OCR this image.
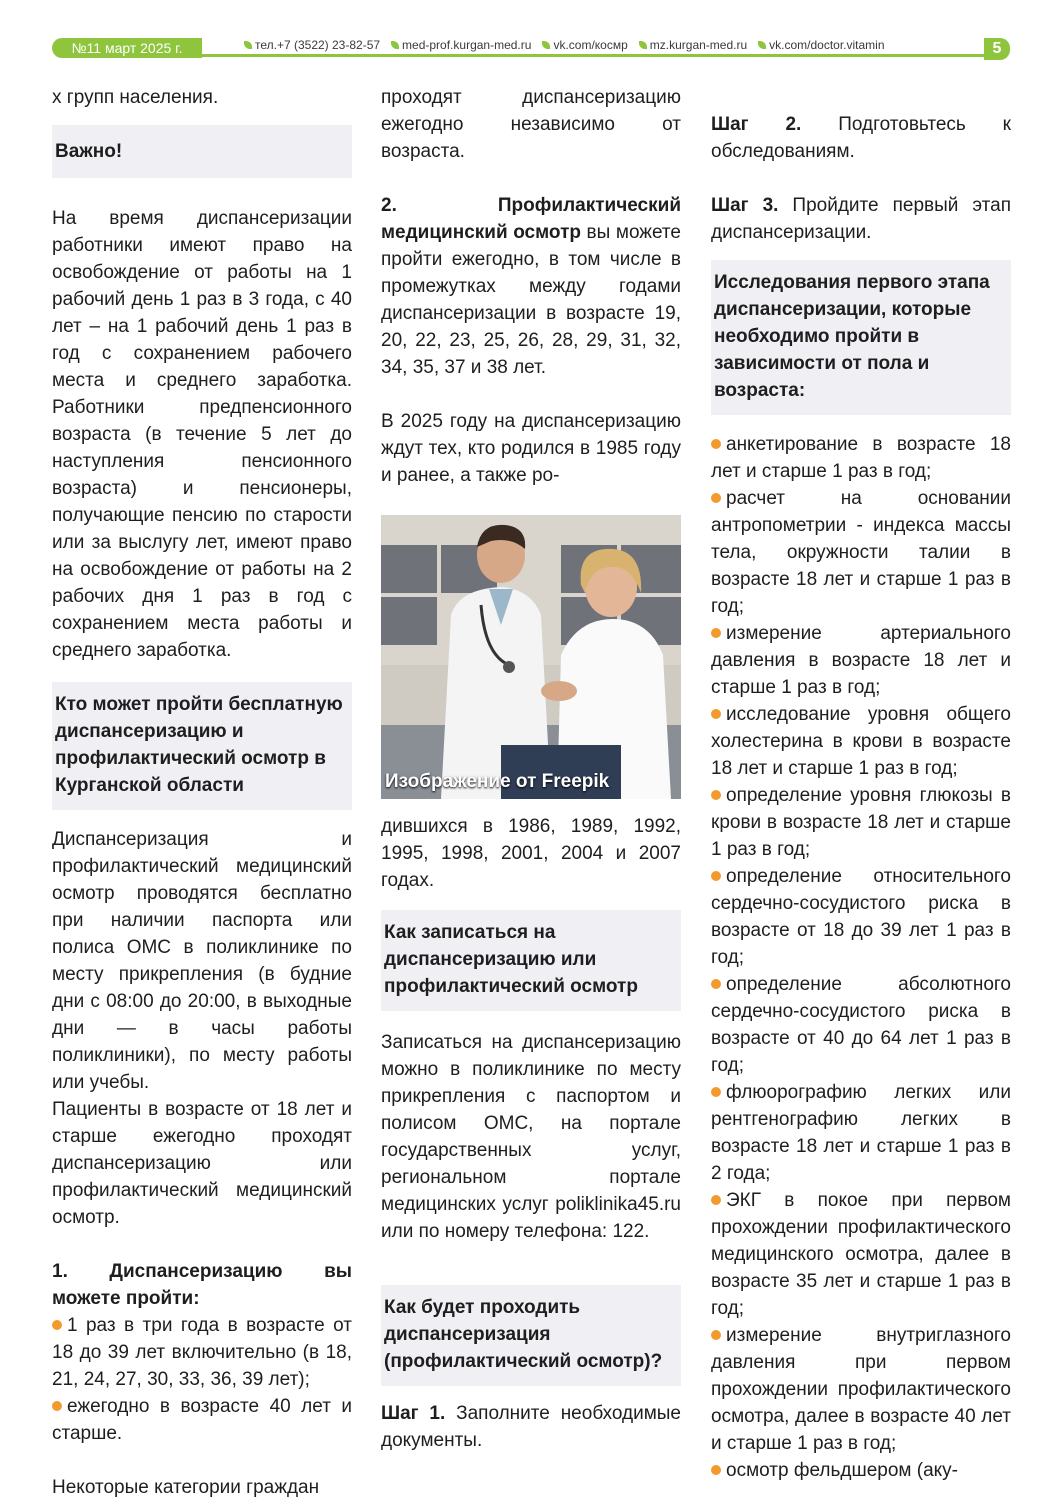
№11 март 2025 г.	тел.+7 (3522) 23-82-57	med-prof.kurgan-med.ru	vk.com/космр	mz.kurgan-med.ru	vk.com/doctor.vitamin	5

х групп населения.

Важно!

На время диспансеризации работники имеют право на освобождение от работы на 1 рабочий день 1 раз в 3 года, с 40 лет – на 1 рабочий день 1 раз в год с сохранением рабочего места и среднего заработка. Работники предпенсионного возраста (в течение 5 лет до наступления пенсионного возраста) и пенсионеры, получающие пенсию по старости или за выслугу лет, имеют право на освобождение от работы на 2 рабочих дня 1 раз в год с сохранением места работы и среднего заработка.

Кто может пройти бесплатную диспансеризацию и профилактический осмотр в Курганской области

Диспансеризация и профилактический медицинский осмотр проводятся бесплатно при наличии паспорта или полиса ОМС в поликлинике по месту прикрепления (в будние дни с 08:00 до 20:00, в выходные дни — в часы работы поликлиники), по месту работы или учебы.

Пациенты в возрасте от 18 лет и старше ежегодно проходят диспансеризацию или профилактический медицинский осмотр.

1. Диспансеризацию вы можете пройти:

1 раз в три года в возрасте от 18 до 39 лет включительно (в 18, 21, 24, 27, 30, 33, 36, 39 лет);

ежегодно в возрасте 40 лет и старше.

Некоторые категории граждан

проходят диспансеризацию ежегодно независимо от возраста.

2. Профилактический медицинский осмотр вы можете пройти ежегодно, в том числе в промежутках между годами диспансеризации в возрасте 19, 20, 22, 23, 25, 26, 28, 29, 31, 32, 34, 35, 37 и 38 лет.

В 2025 году на диспансеризацию ждут тех, кто родился в 1985 году и ранее, а также ро-

Изображение от Freepik

дившихся в 1986, 1989, 1992, 1995, 1998, 2001, 2004 и 2007 годах.

Как записаться на диспансеризацию или профилактический осмотр

Записаться на диспансеризацию можно в поликлинике по месту прикрепления с паспортом и полисом ОМС, на портале государственных услуг, региональном портале медицинских услуг poliklinika45.ru или по номеру телефона: 122.

Как будет проходить диспансеризация (профилактический осмотр)?

Шаг 1. Заполните необходимые документы.

Шаг 2. Подготовьтесь к обследованиям.

Шаг 3. Пройдите первый этап диспансеризации.

Исследования первого этапа диспансеризации, которые необходимо пройти в зависимости от пола и возраста:

анкетирование в возрасте 18 лет и старше 1 раз в год;

расчет на основании антропометрии - индекса массы тела, окружности талии в возрасте 18 лет и старше 1 раз в год;

измерение артериального давления в возрасте 18 лет и старше 1 раз в год;

исследование уровня общего холестерина в крови в возрасте 18 лет и старше 1 раз в год;

определение уровня глюкозы в крови в возрасте 18 лет и старше 1 раз в год;

определение относительного сердечно-сосудистого риска в возрасте от 18 до 39 лет 1 раз в год;

определение абсолютного сердечно-сосудистого риска в возрасте от 40 до 64 лет 1 раз в год;

флюорографию легких или рентгенографию легких в возрасте 18 лет и старше 1 раз в 2 года;

ЭКГ в покое при первом прохождении профилактического медицинского осмотра, далее в возрасте 35 лет и старше 1 раз в год;

измерение внутриглазного давления при первом прохождении профилактического осмотра, далее в возрасте 40 лет и старше 1 раз в год;

осмотр фельдшером (аку-
